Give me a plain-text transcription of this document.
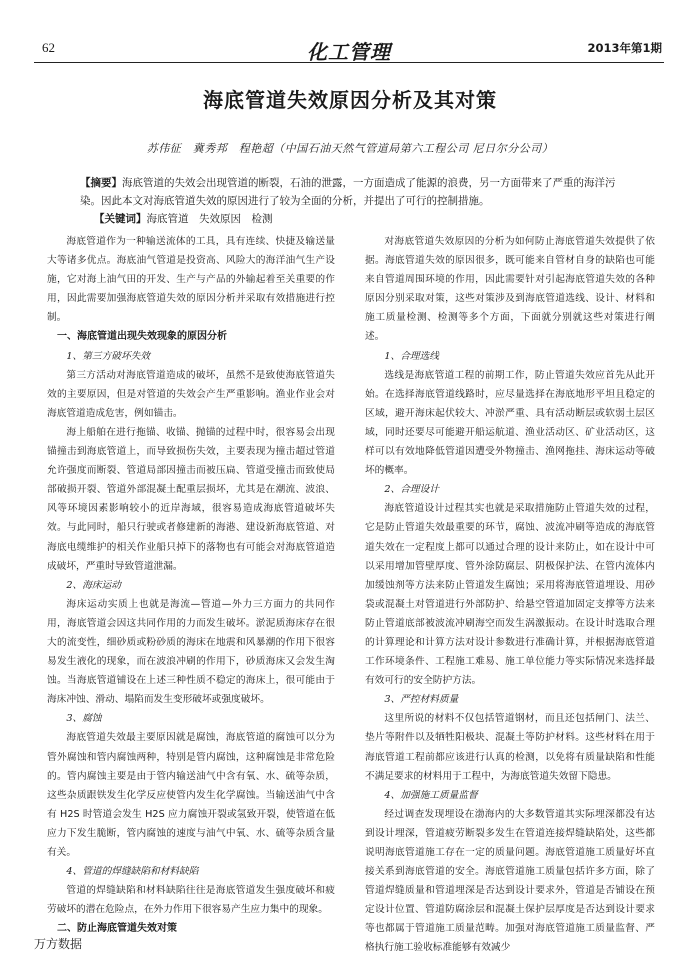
62	化工管理	2013年第1期
海底管道失效原因分析及其对策
苏伟征　冀秀邦　程艳超（中国石油天然气管道局第六工程公司 尼日尔分公司）
【摘要】海底管道的失效会出现管道的断裂，石油的泄露，一方面造成了能源的浪费，另一方面带来了严重的海洋污染。因此本文对海底管道失效的原因进行了较为全面的分析，并提出了可行的控制措施。
【关键词】海底管道　失效原因　检测

海底管道作为一种输送流体的工具，具有连续、快捷及输送量大等诸多优点。海底油气管道是投资高、风险大的海洋油气生产设施，它对海上油气田的开发、生产与产品的外输起着至关重要的作用，因此需要加强海底管道失效的原因分析并采取有效措施进行控制。

一、海底管道出现失效现象的原因分析
1、第三方破坏失效

第三方活动对海底管道造成的破坏，虽然不是致使海底管道失效的主要原因，但是对管道的失效会产生严重影响。渔业作业会对海底管道造成危害，例如锚击。

海上船舶在进行拖锚、收锚、抛锚的过程中时，很容易会出现锚撞击到海底管道上，而导致损伤失效，主要表现为撞击超过管道允许强度而断裂、管道局部因撞击而被压扁、管道受撞击而致使局部破损开裂、管道外部混凝土配重层损坏，尤其是在潮流、波浪、风等环境因素影响较小的近岸海域，很容易造成海底管道破坏失效。与此同时，船只行驶或者修建新的海港、建设新海底管道、对海底电缆维护的相关作业船只掉下的落物也有可能会对海底管道造成破坏，严重时导致管道泄漏。

2、海床运动

海床运动实质上也就是海流—管道—外力三方面力的共同作用，海底管道会因这共同作用的力而发生破坏。淤泥质海床存在很大的流变性，细砂质或粉砂质的海床在地震和风暴潮的作用下很容易发生液化的现象，而在波浪冲刷的作用下，砂质海床又会发生淘蚀。当海底管道铺设在上述三种性质不稳定的海床上，很可能由于海床冲蚀、滑动、塌陷而发生变形破坏或强度破坏。

3、腐蚀

海底管道失效最主要原因就是腐蚀，海底管道的腐蚀可以分为管外腐蚀和管内腐蚀两种，特别是管内腐蚀，这种腐蚀是非常危险的。管内腐蚀主要是由于管内输送油气中含有氧、水、硫等杂质，这些杂质跟铁发生化学反应使管内发生化学腐蚀。当输送油气中含有 H2S 时管道会发生 H2S 应力腐蚀开裂或氢致开裂，使管道在低应力下发生脆断，管内腐蚀的速度与油气中氧、水、硫等杂质含量有关。

4、管道的焊缝缺陷和材料缺陷

管道的焊缝缺陷和材料缺陷往往是海底管道发生强度破坏和疲劳破坏的潜在危险点，在外力作用下很容易产生应力集中的现象。

二、防止海底管道失效对策

对海底管道失效原因的分析为如何防止海底管道失效提供了依据。海底管道失效的原因很多，既可能来自管材自身的缺陷也可能来自管道周围环境的作用，因此需要针对引起海底管道失效的各种原因分别采取对策，这些对策涉及到海底管道选线、设计、材料和施工质量检测、检测等多个方面，下面就分别就这些对策进行阐述。

1、合理选线

选线是海底管道工程的前期工作，防止管道失效应首先从此开始。在选择海底管道线路时，应尽量选择在海底地形平坦且稳定的区域，避开海床起伏较大、冲淤严重、具有活动断层或软弱土层区域，同时还要尽可能避开船运航道、渔业活动区、矿业活动区，这样可以有效地降低管道因遭受外物撞击、渔网拖挂、海床运动等破坏的概率。

2、合理设计

海底管道设计过程其实也就是采取措施防止管道失效的过程，它是防止管道失效最重要的环节，腐蚀、波流冲刷等造成的海底管道失效在一定程度上都可以通过合理的设计来防止，如在设计中可以采用增加管壁厚度、管外涂防腐层、阴极保护法、在管内流体内加缓蚀剂等方法来防止管道发生腐蚀；采用将海底管道埋设、用砂袋或混凝土对管道进行外部防护、给悬空管道加固定支撑等方法来防止管道底部被波流冲刷海空而发生涡激振动。在设计时选取合理的计算理论和计算方法对设计参数进行准确计算，并根据海底管道工作环境条件、工程施工难易、施工单位能力等实际情况来选择最有效可行的安全防护方法。

3、严控材料质量

这里所说的材料不仅包括管道钢材，而且还包括闸门、法兰、垫片等附件以及牺牲阳极块、混凝土等防护材料。这些材料在用于海底管道工程前都应该进行认真的检测，以免将有质量缺陷和性能不满足要求的材料用于工程中，为海底管道失效留下隐患。

4、加强施工质量监督

经过调查发现埋设在渤海内的大多数管道其实际埋深都没有达到设计埋深，管道疲劳断裂多发生在管道连接焊缝缺陷处，这些都说明海底管道施工存在一定的质量问题。海底管道施工质量好坏直接关系到海底管道的安全。海底管道施工质量包括许多方面，除了管道焊缝质量和管道埋深是否达到设计要求外，管道是否铺设在预定设计位置、管道防腐涂层和混凝土保护层厚度是否达到设计要求等也都属于管道施工质量范畴。加强对海底管道施工质量监督、严格执行施工验收标准能够有效减少

万方数据
